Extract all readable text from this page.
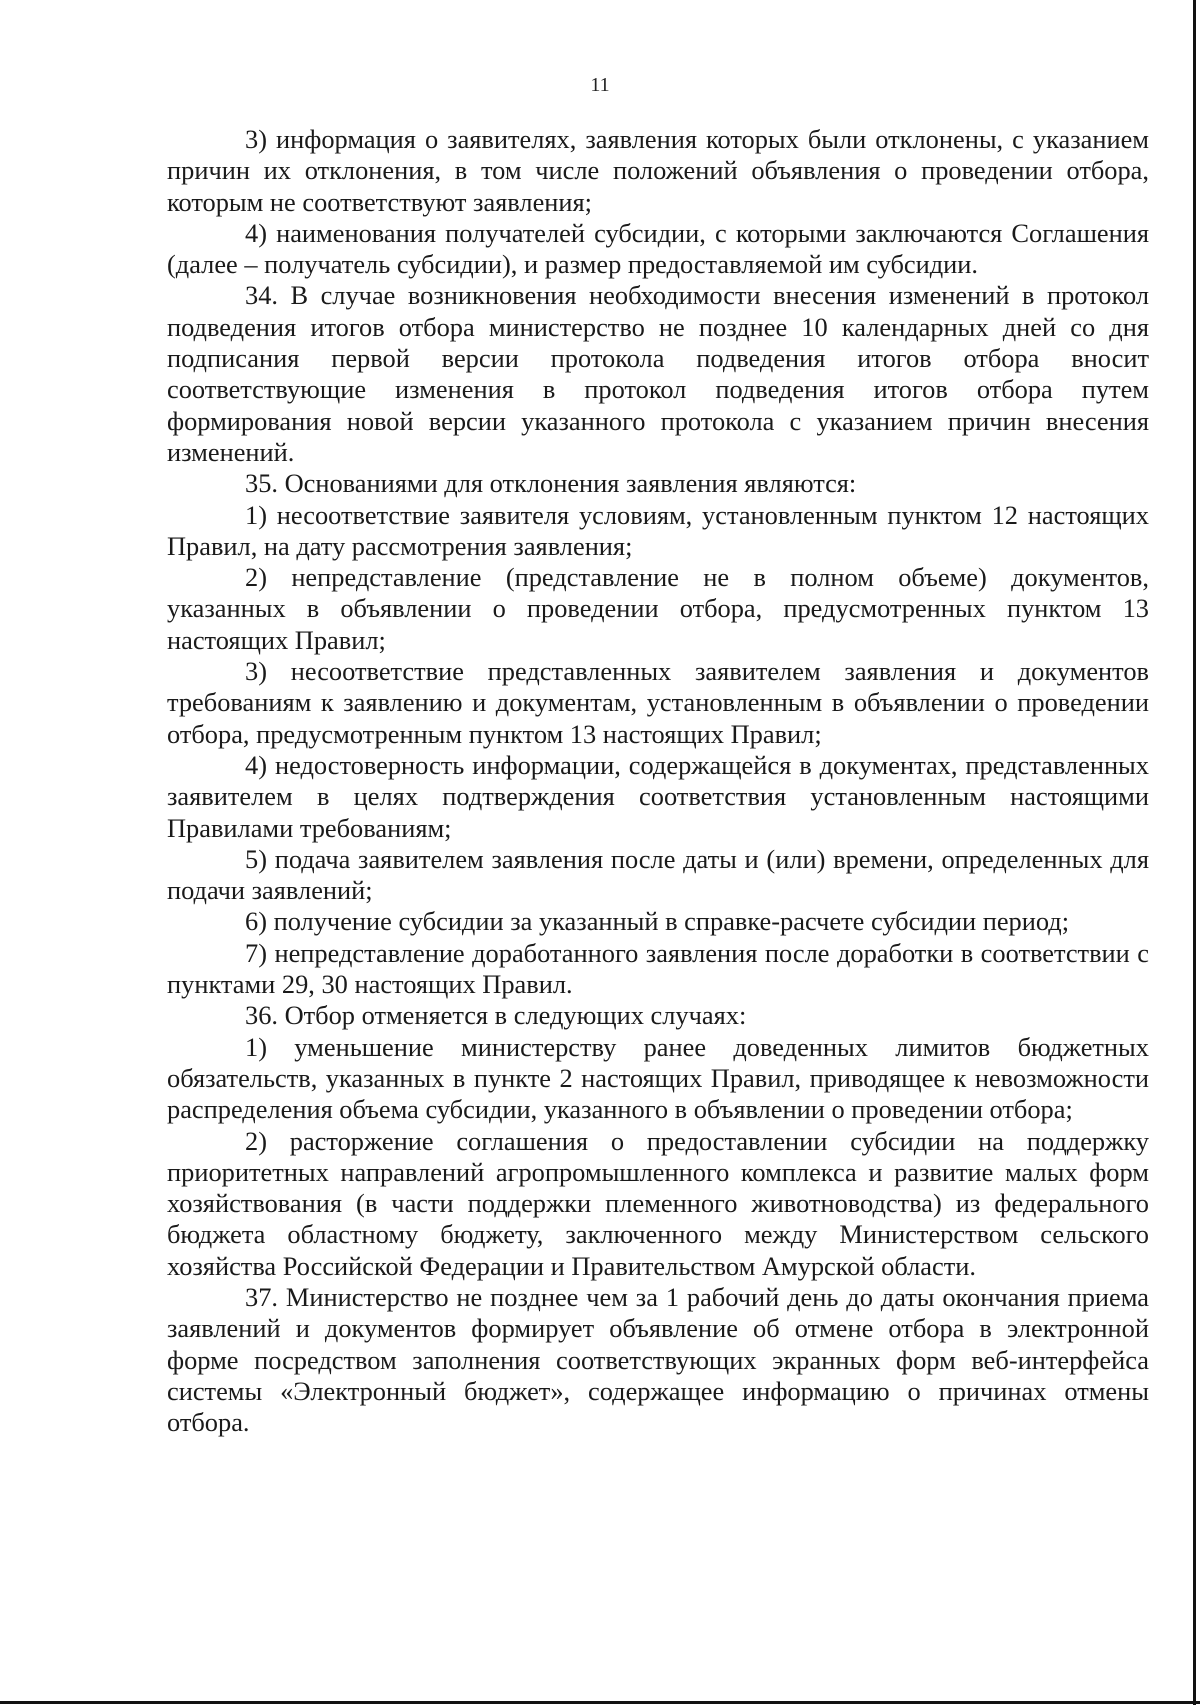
11

3) информация о заявителях, заявления которых были отклонены, с указанием причин их отклонения, в том числе положений объявления о проведении отбора, которым не соответствуют заявления;

4) наименования получателей субсидии, с которыми заключаются Соглашения (далее – получатель субсидии), и размер предоставляемой им субсидии.

34. В случае возникновения необходимости внесения изменений в протокол подведения итогов отбора министерство не позднее 10 календарных дней со дня подписания первой версии протокола подведения итогов отбора вносит соответствующие изменения в протокол подведения итогов отбора путем формирования новой версии указанного протокола с указанием причин внесения изменений.

35. Основаниями для отклонения заявления являются:

1) несоответствие заявителя условиям, установленным пунктом 12 настоящих Правил, на дату рассмотрения заявления;

2) непредставление (представление не в полном объеме) документов, указанных в объявлении о проведении отбора, предусмотренных пунктом 13 настоящих Правил;

3) несоответствие представленных заявителем заявления и документов требованиям к заявлению и документам, установленным в объявлении о проведении отбора, предусмотренным пунктом 13 настоящих Правил;

4) недостоверность информации, содержащейся в документах, представленных заявителем в целях подтверждения соответствия установленным настоящими Правилами требованиям;

5) подача заявителем заявления после даты и (или) времени, определенных для подачи заявлений;

6) получение субсидии за указанный в справке-расчете субсидии период;

7) непредставление доработанного заявления после доработки в соответствии с пунктами 29, 30 настоящих Правил.

36. Отбор отменяется в следующих случаях:

1) уменьшение министерству ранее доведенных лимитов бюджетных обязательств, указанных в пункте 2 настоящих Правил, приводящее к невозможности распределения объема субсидии, указанного в объявлении о проведении отбора;

2) расторжение соглашения о предоставлении субсидии на поддержку приоритетных направлений агропромышленного комплекса и развитие малых форм хозяйствования (в части поддержки племенного животноводства) из федерального бюджета областному бюджету, заключенного между Министерством сельского хозяйства Российской Федерации и Правительством Амурской области.

37. Министерство не позднее чем за 1 рабочий день до даты окончания приема заявлений и документов формирует объявление об отмене отбора в электронной форме посредством заполнения соответствующих экранных форм веб-интерфейса системы «Электронный бюджет», содержащее информацию о причинах отмены отбора.
